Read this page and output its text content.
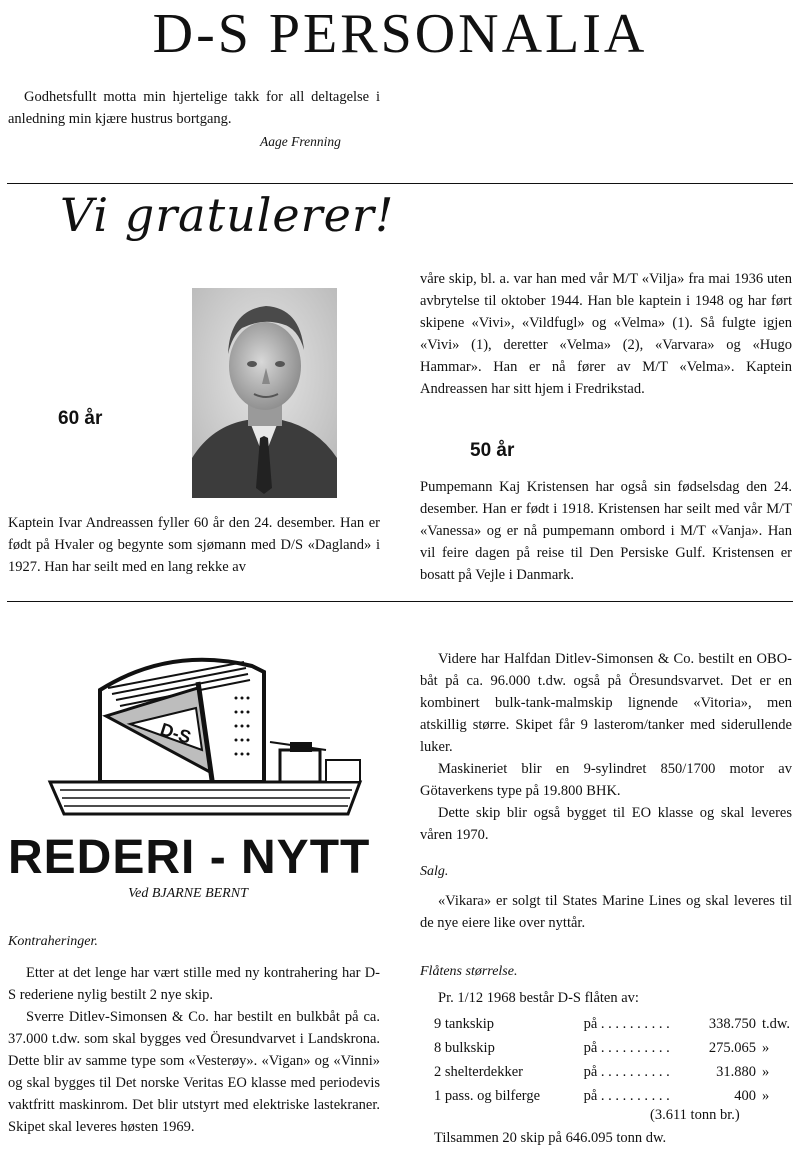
D-S PERSONALIA

Godhetsfullt motta min hjertelige takk for all deltagelse i anledning min kjære hustrus bortgang.

Aage Frenning
Vi gratulerer!
60 år

Kaptein Ivar Andreassen fyller 60 år den 24. desember. Han er født på Hvaler og begynte som sjømann med D/S «Dagland» i 1927. Han har seilt med en lang rekke av

våre skip, bl. a. var han med vår M/T «Vilja» fra mai 1936 uten avbrytelse til oktober 1944. Han ble kaptein i 1948 og har ført skipene «Vivi», «Vildfugl» og «Velma» (1). Så fulgte igjen «Vivi» (1), deretter «Velma» (2), «Varvara» og «Hugo Hammar». Han er nå fører av M/T «Velma». Kaptein Andreassen har sitt hjem i Fredrikstad.

50 år

Pumpemann Kaj Kristensen har også sin fødselsdag den 24. desember. Han er født i 1918. Kristensen har seilt med vår M/T «Vanessa» og er nå pumpemann ombord i M/T «Vanja». Han vil feire dagen på reise til Den Persiske Gulf. Kristensen er bosatt på Vejle i Danmark.

D-S
REDERI - NYTT
Ved BJARNE BERNT
Kontraheringer.

Etter at det lenge har vært stille med ny kontrahering har D-S rederiene nylig bestilt 2 nye skip.

Sverre Ditlev-Simonsen & Co. har bestilt en bulkbåt på ca. 37.000 t.dw. som skal bygges ved Öresundvarvet i Landskrona. Dette blir av samme type som «Vesterøy». «Vigan» og «Vinni» og skal bygges til Det norske Veritas EO klasse med periodevis vaktfritt maskinrom. Det blir utstyrt med elektriske lastekraner. Skipet skal leveres høsten 1969.

Videre har Halfdan Ditlev-Simonsen & Co. bestilt en OBO-båt på ca. 96.000 t.dw. også på Öresundsvarvet. Det er en kombinert bulk-tank-malmskip lignende «Vitoria», men atskillig større. Skipet får 9 lasterom/tanker med siderullende luker.

Maskineriet blir en 9-sylindret 850/1700 motor av Götaverkens type på 19.800 BHK.

Dette skip blir også bygget til EO klasse og skal leveres våren 1970.

Salg.

«Vikara» er solgt til States Marine Lines og skal leveres til de nye eiere like over nyttår.

Flåtens størrelse.
Pr. 1/12 1968 består D-S flåten av:
9 tankskip	på . . . . . . . . . .	338.750	t.dw.
8 bulkskip	på . . . . . . . . . .	275.065	»
2 shelterdekker	på . . . . . . . . . .	31.880	»
1 pass. og bilferge	på . . . . . . . . . .	400	»
(3.611 tonn br.)
Tilsammen 20 skip på 646.095 tonn dw.
